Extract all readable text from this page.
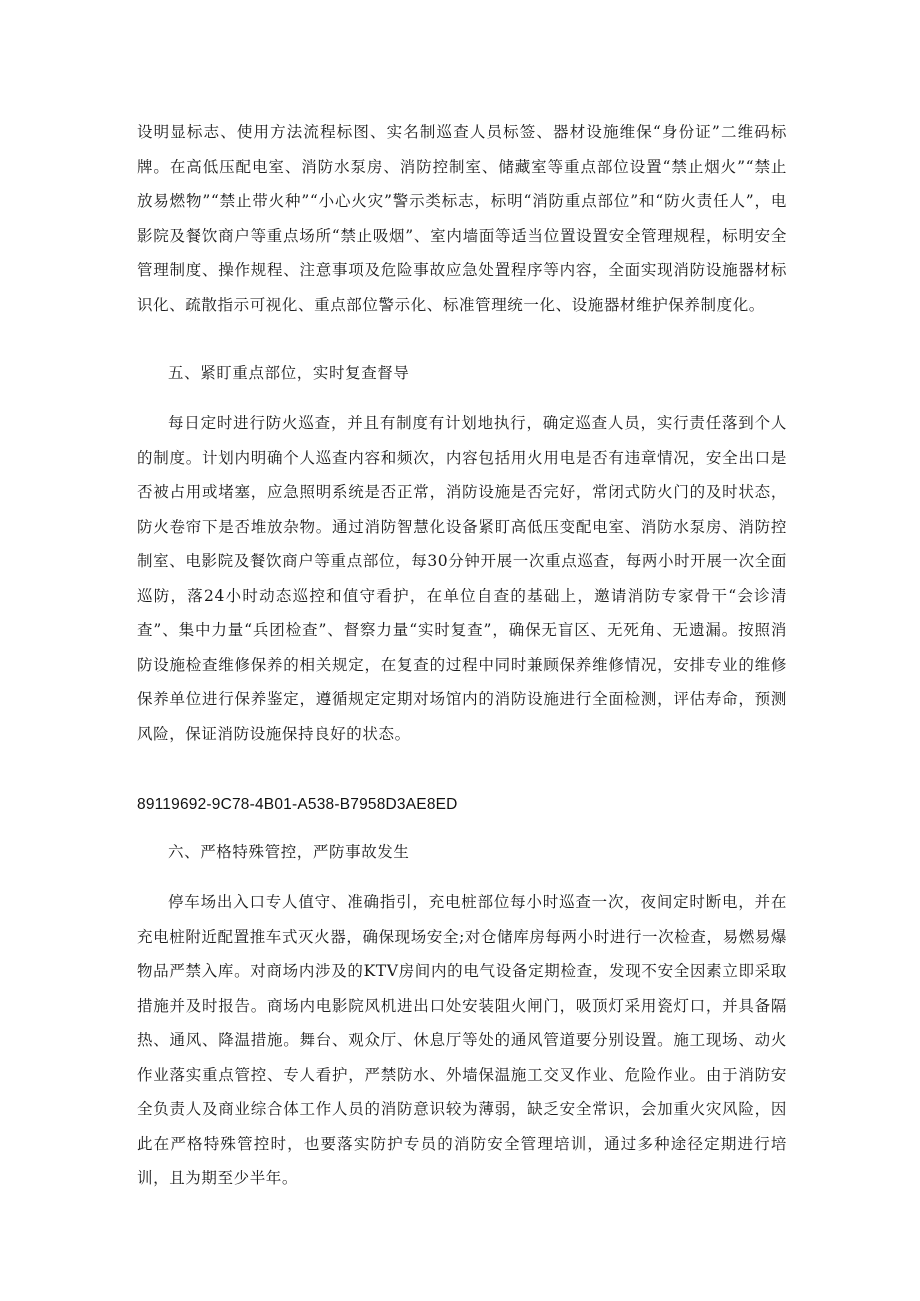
设明显标志、使用方法流程标图、实名制巡查人员标签、器材设施维保“身份证”二维码标牌。在高低压配电室、消防水泵房、消防控制室、储藏室等重点部位设置“禁止烟火”“禁止放易燃物”“禁止带火种”“小心火灾”警示类标志，标明“消防重点部位”和“防火责任人”，电影院及餐饮商户等重点场所“禁止吸烟”、室内墙面等适当位置设置安全管理规程，标明安全管理制度、操作规程、注意事项及危险事故应急处置程序等内容，全面实现消防设施器材标识化、疏散指示可视化、重点部位警示化、标准管理统一化、设施器材维护保养制度化。

五、紧盯重点部位，实时复查督导

每日定时进行防火巡查，并且有制度有计划地执行，确定巡查人员，实行责任落到个人的制度。计划内明确个人巡查内容和频次，内容包括用火用电是否有违章情况，安全出口是否被占用或堵塞，应急照明系统是否正常，消防设施是否完好，常闭式防火门的及时状态，防火卷帘下是否堆放杂物。通过消防智慧化设备紧盯高低压变配电室、消防水泵房、消防控制室、电影院及餐饮商户等重点部位，每30分钟开展一次重点巡查，每两小时开展一次全面巡防，落24小时动态巡控和值守看护，在单位自查的基础上，邀请消防专家骨干“会诊清查”、集中力量“兵团检查”、督察力量“实时复查”，确保无盲区、无死角、无遗漏。按照消防设施检查维修保养的相关规定，在复查的过程中同时兼顾保养维修情况，安排专业的维修保养单位进行保养鉴定，遵循规定定期对场馆内的消防设施进行全面检测，评估寿命，预测风险，保证消防设施保持良好的状态。

89119692-9C78-4B01-A538-B7958D3AE8ED

六、严格特殊管控，严防事故发生

停车场出入口专人值守、准确指引，充电桩部位每小时巡查一次，夜间定时断电，并在充电桩附近配置推车式灭火器，确保现场安全;对仓储库房每两小时进行一次检查，易燃易爆物品严禁入库。对商场内涉及的KTV房间内的电气设备定期检查，发现不安全因素立即采取措施并及时报告。商场内电影院风机进出口处安装阻火闸门，吸顶灯采用瓷灯口，并具备隔热、通风、降温措施。舞台、观众厅、休息厅等处的通风管道要分别设置。施工现场、动火作业落实重点管控、专人看护，严禁防水、外墙保温施工交叉作业、危险作业。由于消防安全负责人及商业综合体工作人员的消防意识较为薄弱，缺乏安全常识，会加重火灾风险，因此在严格特殊管控时，也要落实防护专员的消防安全管理培训，通过多种途径定期进行培训，且为期至少半年。
